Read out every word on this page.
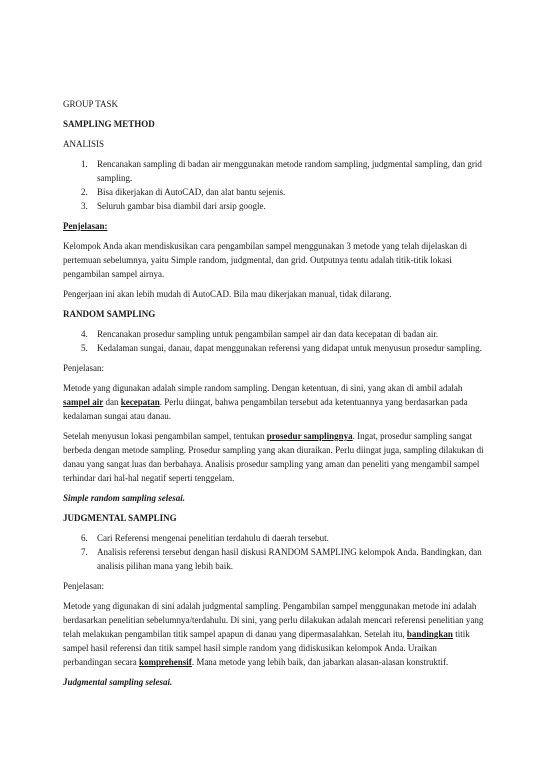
GROUP TASK

SAMPLING METHOD

ANALISIS

1. Rencanakan sampling di badan air menggunakan metode random sampling, judgmental sampling, dan grid sampling.
2. Bisa dikerjakan di AutoCAD, dan alat bantu sejenis.
3. Seluruh gambar bisa diambil dari arsip google.

Penjelasan:

Kelompok Anda akan mendiskusikan cara pengambilan sampel menggunakan 3 metode yang telah dijelaskan di pertemuan sebelumnya, yaitu Simple random, judgmental, dan grid. Outputnya tentu adalah titik-titik lokasi pengambilan sampel airnya.

Pengerjaan ini akan lebih mudah di AutoCAD. Bila mau dikerjakan manual, tidak dilarang.

RANDOM SAMPLING

4. Rencanakan prosedur sampling untuk pengambilan sampel air dan data kecepatan di badan air.
5. Kedalaman sungai, danau, dapat menggunakan referensi yang didapat untuk menyusun prosedur sampling.

Penjelasan:

Metode yang digunakan adalah simple random sampling. Dengan ketentuan, di sini, yang akan di ambil adalah sampel air dan kecepatan. Perlu diingat, bahwa pengambilan tersebut ada ketentuannya yang berdasarkan pada kedalaman sungai atau danau.

Setelah menyusun lokasi pengambilan sampel, tentukan prosedur samplingnya. Ingat, prosedur sampling sangat berbeda dengan metode sampling. Prosedur sampling yang akan diuraikan. Perlu diingat juga, sampling dilakukan di danau yang sangat luas dan berbahaya. Analisis prosedur sampling yang aman dan peneliti yang mengambil sampel terhindar dari hal-hal negatif seperti tenggelam.

Simple random sampling selesai.

JUDGMENTAL SAMPLING

6. Cari Referensi mengenai penelitian terdahulu di daerah tersebut.
7. Analisis referensi tersebut dengan hasil diskusi RANDOM SAMPLING kelompok Anda. Bandingkan, dan analisis pilihan mana yang lebih baik.

Penjelasan:

Metode yang digunakan di sini adalah judgmental sampling. Pengambilan sampel menggunakan metode ini adalah berdasarkan penelitian sebelumnya/terdahulu. Di sini, yang perlu dilakukan adalah mencari referensi penelitian yang telah melakukan pengambilan titik sampel apapun di danau yang dipermasalahkan. Setelah itu, bandingkan titik sampel hasil referensi dan titik sampel hasil simple random yang didiskusikan kelompok Anda. Uraikan perbandingan secara komprehensif. Mana metode yang lebih baik, dan jabarkan alasan-alasan konstruktif.

Judgmental sampling selesai.
